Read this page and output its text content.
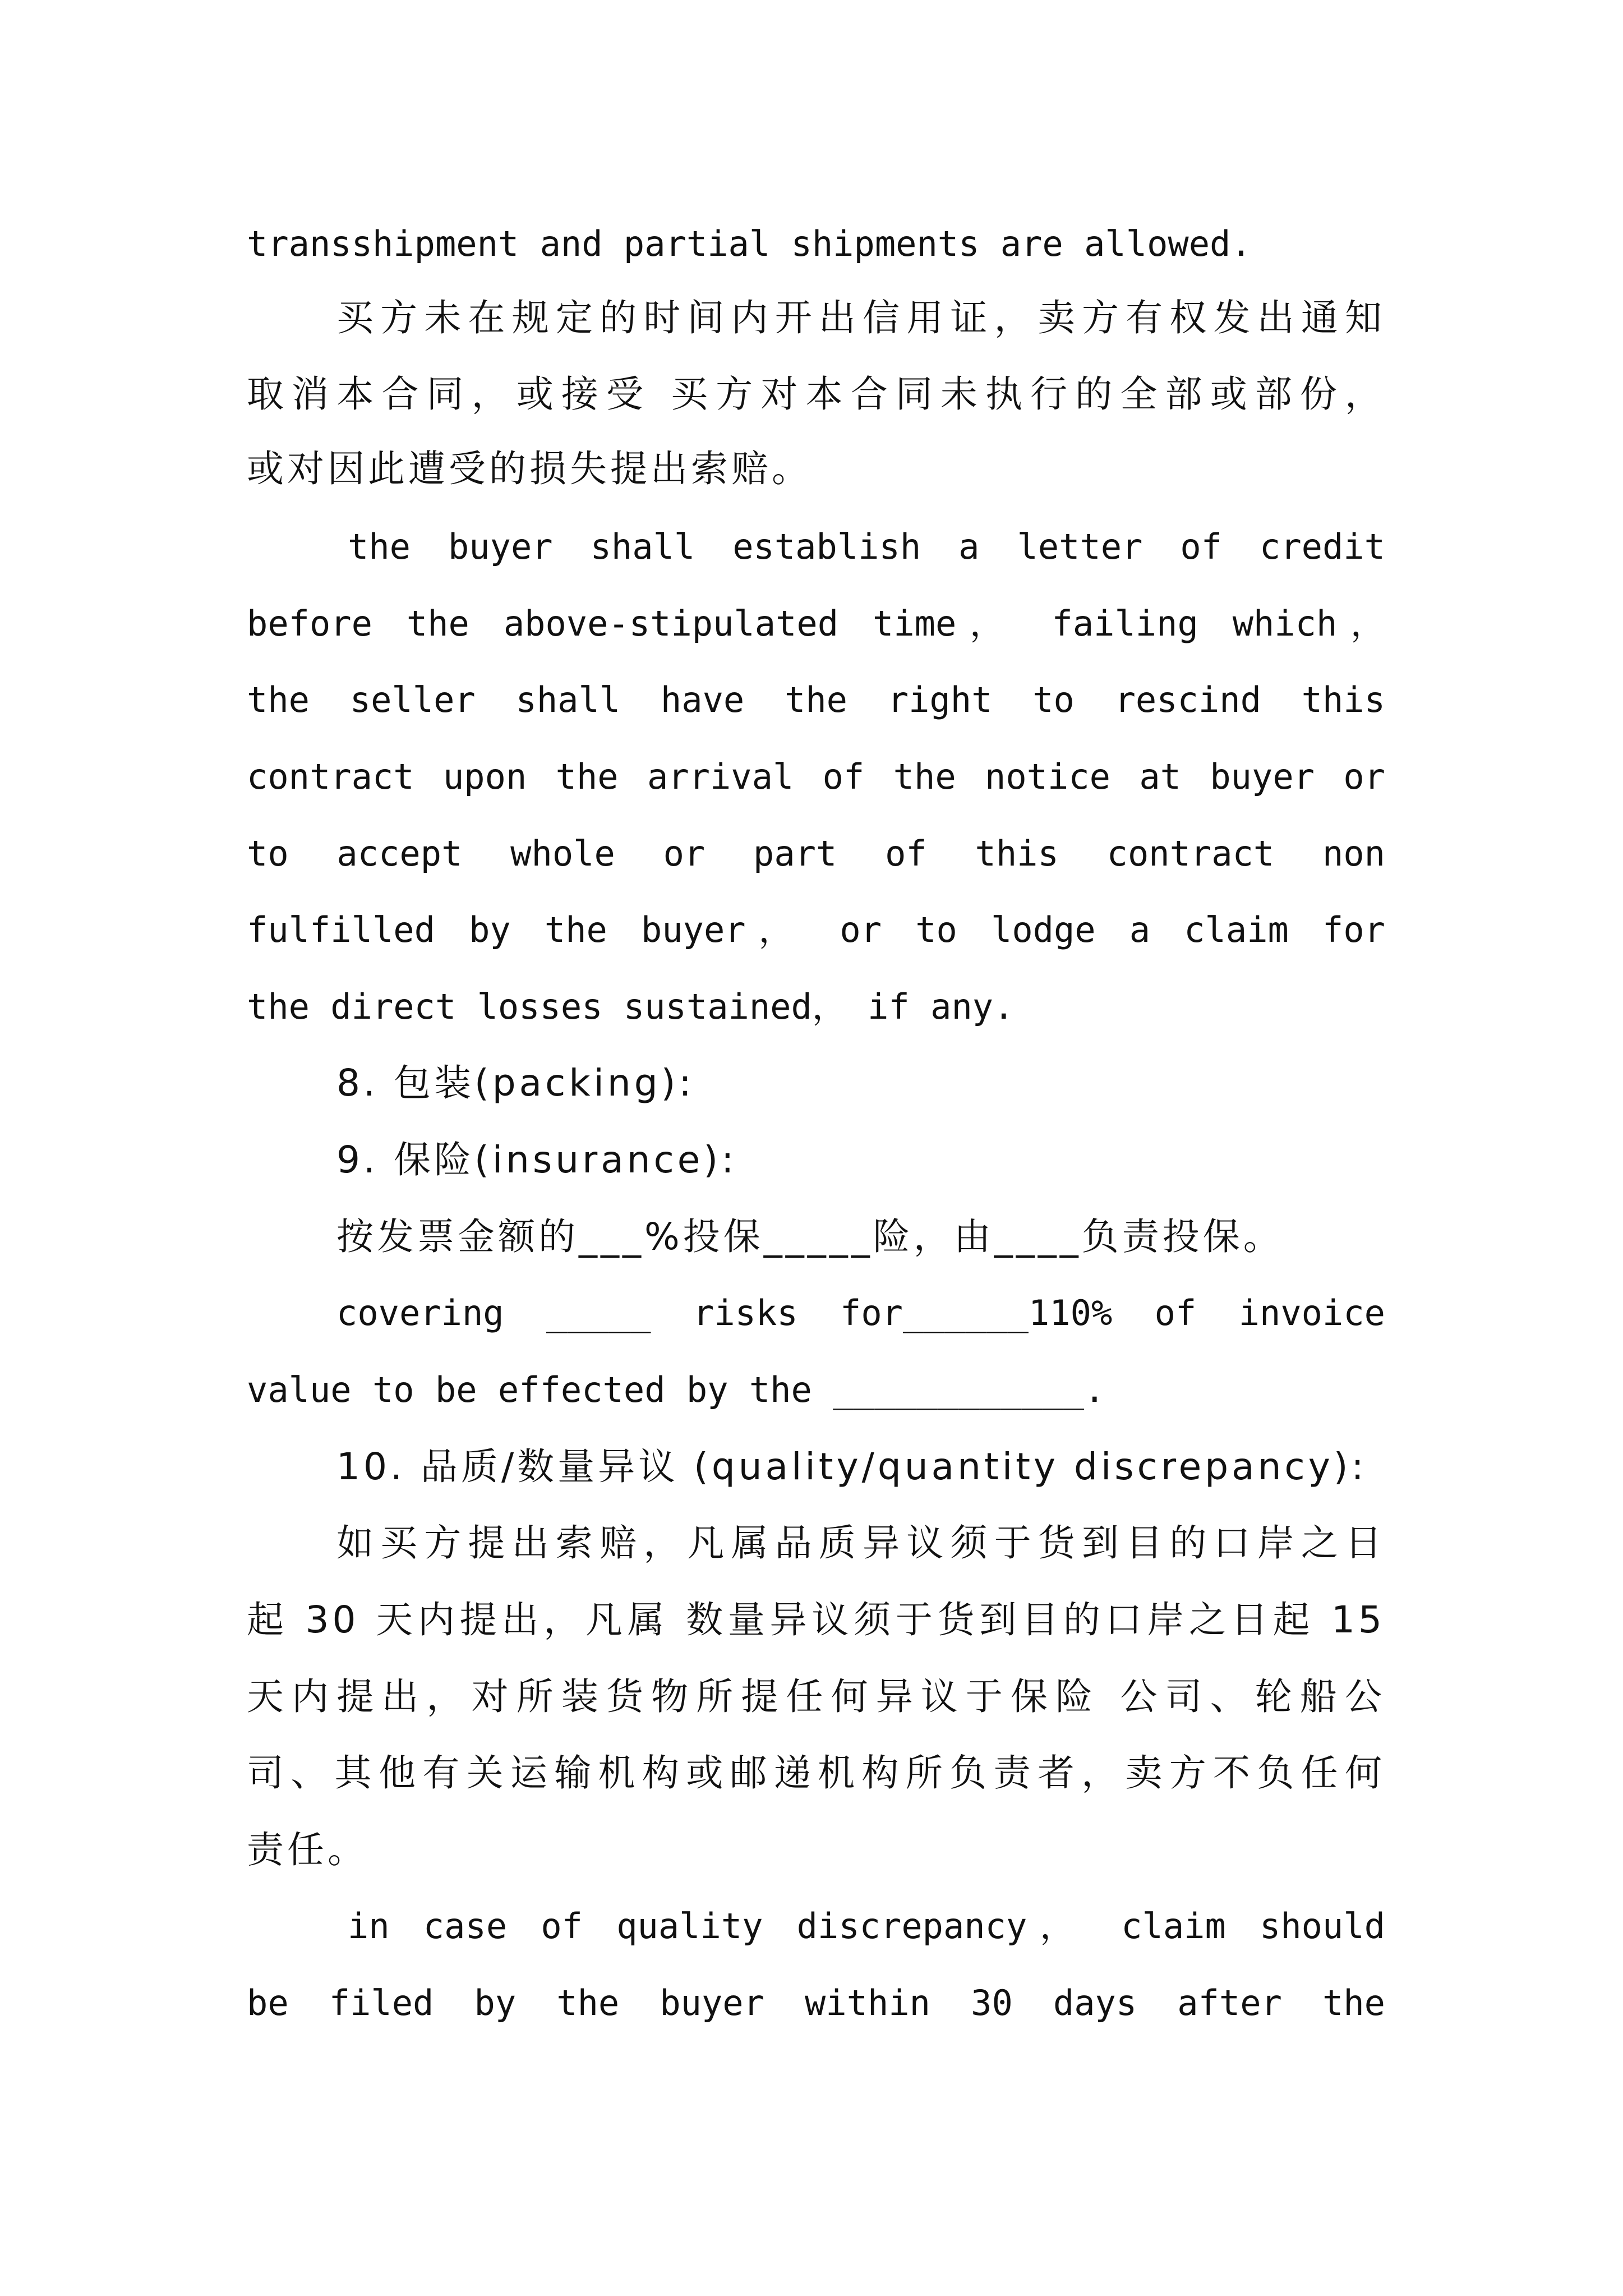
transshipment and partial shipments are allowed.
买方未在规定的时间内开出信用证，卖方有权发出通知
取消本合同，或接受 买方对本合同未执行的全部或部份，
或对因此遭受的损失提出索赔。
the buyer shall establish a letter of credit
before the above-stipulated time， failing which，
the seller shall have the right to rescind this
contract upon the arrival of the notice at buyer or
to accept whole or part of this contract non
fulfilled by the buyer， or to lodge a claim for
the direct losses sustained， if any.
8. 包装(packing):
9. 保险(insurance):
按发票金额的___%投保_____险，由____负责投保。
covering _____ risks for______110% of invoice
value to be effected by the ____________.
10. 品质/数量异议 (quality/quantity discrepancy):
如买方提出索赔，凡属品质异议须于货到目的口岸之日
起 30 天内提出，凡属 数量异议须于货到目的口岸之日起 15
天内提出，对所装货物所提任何异议于保险 公司、轮船公
司、其他有关运输机构或邮递机构所负责者，卖方不负任何
责任。
in case of quality discrepancy， claim should
be filed by the buyer within 30 days after the
